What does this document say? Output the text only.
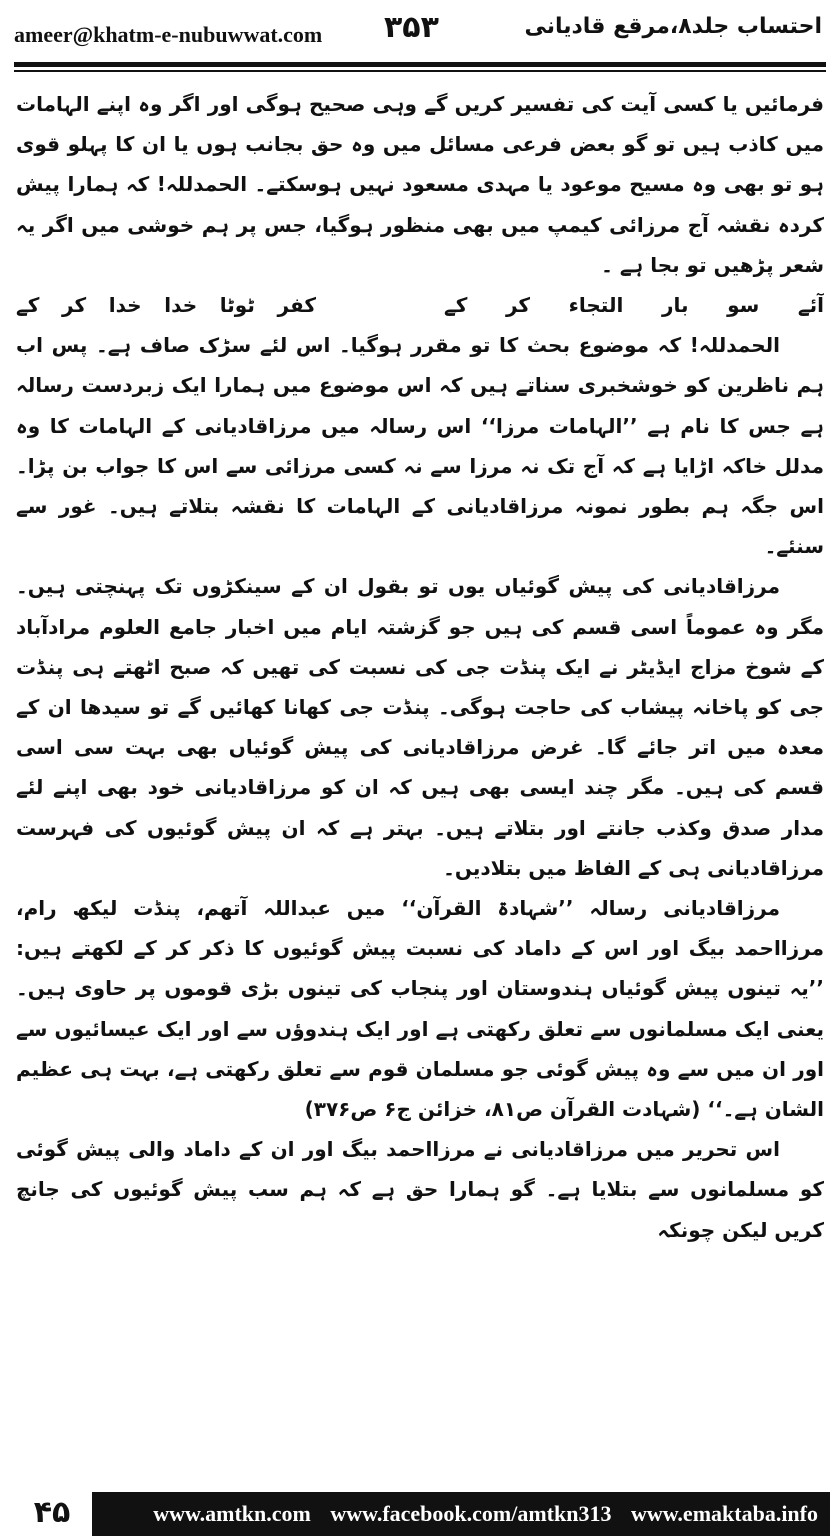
ameer@khatm-e-nubuwwat.com ۳۵۳	احتساب جلد۸،مرقع قادیانی

فرمائیں یا کسی آیت کی تفسیر کریں گے وہی صحیح ہوگی اور اگر وہ اپنے الہامات میں کاذب ہیں تو گو بعض فرعی مسائل میں وہ حق بجانب ہوں یا ان کا پہلو قوی ہو تو بھی وہ مسیح موعود یا مہدی مسعود نہیں ہوسکتے۔ الحمدللہ! کہ ہمارا پیش کردہ نقشہ آج مرزائی کیمپ میں بھی منظور ہوگیا، جس پر ہم خوشی میں اگر یہ شعر پڑھیں تو بجا ہے ۔

آئے سو بار التجاء کر کے
کفر ٹوٹا خدا خدا کر کے

الحمدللہ! کہ موضوع بحث کا تو مقرر ہوگیا۔ اس لئے سڑک صاف ہے۔ پس اب ہم ناظرین کو خوشخبری سناتے ہیں کہ اس موضوع میں ہمارا ایک زبردست رسالہ ہے جس کا نام ہے ’’الہامات مرزا‘‘ اس رسالہ میں مرزاقادیانی کے الہامات کا وہ مدلل خاکہ اڑایا ہے کہ آج تک نہ مرزا سے نہ کسی مرزائی سے اس کا جواب بن پڑا۔ اس جگہ ہم بطور نمونہ مرزاقادیانی کے الہامات کا نقشہ بتلاتے ہیں۔ غور سے سنئے۔

مرزاقادیانی کی پیش گوئیاں یوں تو بقول ان کے سینکڑوں تک پہنچتی ہیں۔ مگر وہ عموماً اسی قسم کی ہیں جو گزشتہ ایام میں اخبار جامع العلوم مرادآباد کے شوخ مزاج ایڈیٹر نے ایک پنڈت جی کی نسبت کی تھیں کہ صبح اٹھتے ہی پنڈت جی کو پاخانہ پیشاب کی حاجت ہوگی۔ پنڈت جی کھانا کھائیں گے تو سیدھا ان کے معدہ میں اتر جائے گا۔ غرض مرزاقادیانی کی پیش گوئیاں بھی بہت سی اسی قسم کی ہیں۔ مگر چند ایسی بھی ہیں کہ ان کو مرزاقادیانی خود بھی اپنے لئے مدار صدق وکذب جانتے اور بتلاتے ہیں۔ بہتر ہے کہ ان پیش گوئیوں کی فہرست مرزاقادیانی ہی کے الفاظ میں بتلادیں۔

مرزاقادیانی رسالہ ’’شہادۃ القرآن‘‘ میں عبداللہ آتھم، پنڈت لیکھ رام، مرزااحمد بیگ اور اس کے داماد کی نسبت پیش گوئیوں کا ذکر کر کے لکھتے ہیں: ’’یہ تینوں پیش گوئیاں ہندوستان اور پنجاب کی تینوں بڑی قوموں پر حاوی ہیں۔ یعنی ایک مسلمانوں سے تعلق رکھتی ہے اور ایک ہندوؤں سے اور ایک عیسائیوں سے اور ان میں سے وہ پیش گوئی جو مسلمان قوم سے تعلق رکھتی ہے، بہت ہی عظیم الشان ہے۔‘‘ (شہادت القرآن ص۸۱، خزائن ج۶ ص۳۷۶)

اس تحریر میں مرزاقادیانی نے مرزااحمد بیگ اور ان کے داماد والی پیش گوئی کو مسلمانوں سے بتلایا ہے۔ گو ہمارا حق ہے کہ ہم سب پیش گوئیوں کی جانچ کریں لیکن چونکہ

۴۵	www.amtkn.com www.facebook.com/amtkn313 www.emaktaba.info
